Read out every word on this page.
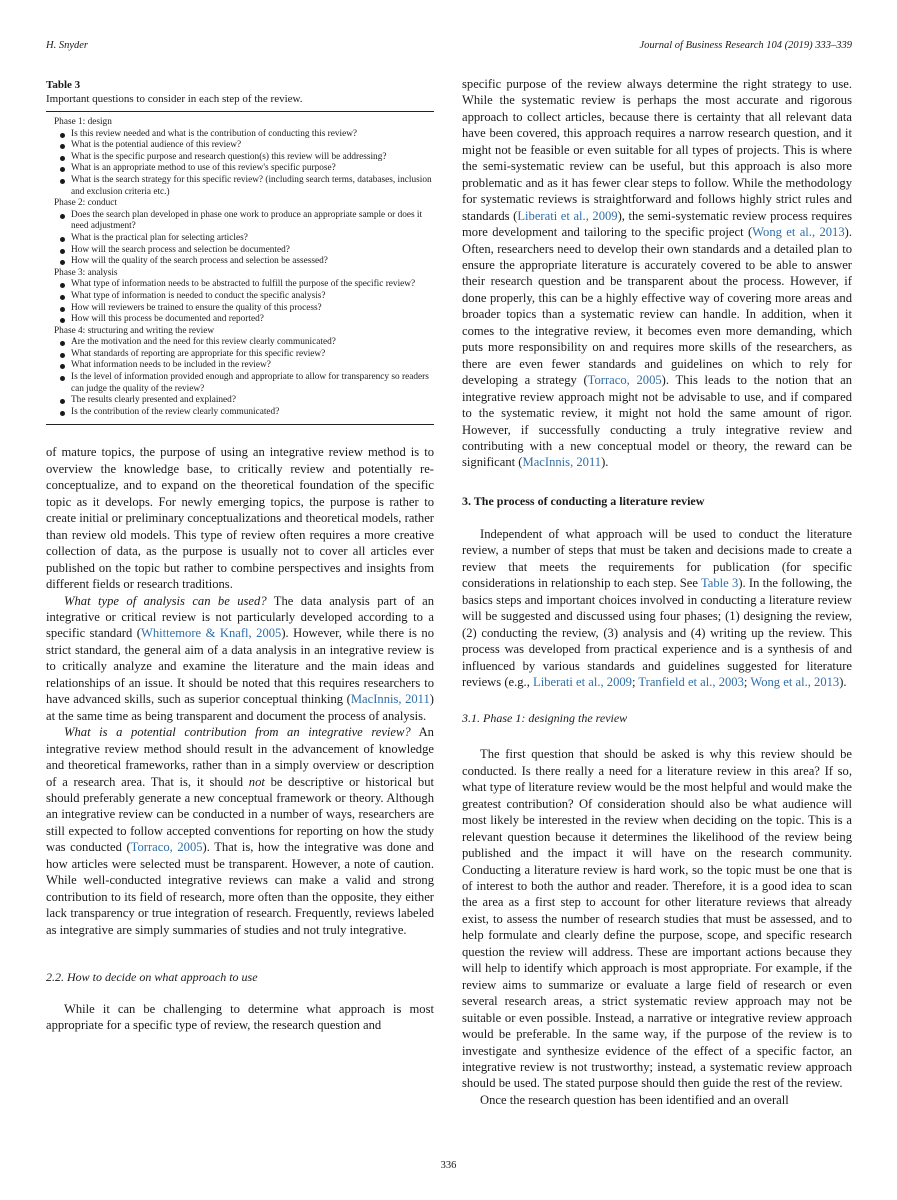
H. Snyder	Journal of Business Research 104 (2019) 333–339
Table 3
Important questions to consider in each step of the review.
Phase 1: design
Is this review needed and what is the contribution of conducting this review?
What is the potential audience of this review?
What is the specific purpose and research question(s) this review will be addressing?
What is an appropriate method to use of this review's specific purpose?
What is the search strategy for this specific review? (including search terms, databases, inclusion and exclusion criteria etc.)
Phase 2: conduct
Does the search plan developed in phase one work to produce an appropriate sample or does it need adjustment?
What is the practical plan for selecting articles?
How will the search process and selection be documented?
How will the quality of the search process and selection be assessed?
Phase 3: analysis
What type of information needs to be abstracted to fulfill the purpose of the specific review?
What type of information is needed to conduct the specific analysis?
How will reviewers be trained to ensure the quality of this process?
How will this process be documented and reported?
Phase 4: structuring and writing the review
Are the motivation and the need for this review clearly communicated?
What standards of reporting are appropriate for this specific review?
What information needs to be included in the review?
Is the level of information provided enough and appropriate to allow for transparency so readers can judge the quality of the review?
The results clearly presented and explained?
Is the contribution of the review clearly communicated?

of mature topics, the purpose of using an integrative review method is to overview the knowledge base, to critically review and potentially re-conceptualize, and to expand on the theoretical foundation of the specific topic as it develops. For newly emerging topics, the purpose is rather to create initial or preliminary conceptualizations and theoretical models, rather than review old models. This type of review often requires a more creative collection of data, as the purpose is usually not to cover all articles ever published on the topic but rather to combine perspectives and insights from different fields or research traditions.

What type of analysis can be used? The data analysis part of an integrative or critical review is not particularly developed according to a specific standard (Whittemore & Knafl, 2005). However, while there is no strict standard, the general aim of a data analysis in an integrative review is to critically analyze and examine the literature and the main ideas and relationships of an issue. It should be noted that this requires researchers to have advanced skills, such as superior conceptual thinking (MacInnis, 2011) at the same time as being transparent and document the process of analysis.

What is a potential contribution from an integrative review? An integrative review method should result in the advancement of knowledge and theoretical frameworks, rather than in a simply overview or description of a research area. That is, it should not be descriptive or historical but should preferably generate a new conceptual framework or theory. Although an integrative review can be conducted in a number of ways, researchers are still expected to follow accepted conventions for reporting on how the study was conducted (Torraco, 2005). That is, how the integrative was done and how articles were selected must be transparent. However, a note of caution. While well-conducted integrative reviews can make a valid and strong contribution to its field of research, more often than the opposite, they either lack transparency or true integration of research. Frequently, reviews labeled as integrative are simply summaries of studies and not truly integrative.

2.2. How to decide on what approach to use

While it can be challenging to determine what approach is most appropriate for a specific type of review, the research question and

specific purpose of the review always determine the right strategy to use. While the systematic review is perhaps the most accurate and rigorous approach to collect articles, because there is certainty that all relevant data have been covered, this approach requires a narrow research question, and it might not be feasible or even suitable for all types of projects. This is where the semi-systematic review can be useful, but this approach is also more problematic and as it has fewer clear steps to follow. While the methodology for systematic reviews is straightforward and follows highly strict rules and standards (Liberati et al., 2009), the semi-systematic review process requires more development and tailoring to the specific project (Wong et al., 2013). Often, researchers need to develop their own standards and a detailed plan to ensure the appropriate literature is accurately covered to be able to answer their research question and be transparent about the process. However, if done properly, this can be a highly effective way of covering more areas and broader topics than a systematic review can handle. In addition, when it comes to the integrative review, it becomes even more demanding, which puts more responsibility on and requires more skills of the researchers, as there are even fewer standards and guidelines on which to rely for developing a strategy (Torraco, 2005). This leads to the notion that an integrative review approach might not be advisable to use, and if compared to the systematic review, it might not hold the same amount of rigor. However, if successfully conducting a truly integrative review and contributing with a new conceptual model or theory, the reward can be significant (MacInnis, 2011).

3. The process of conducting a literature review

Independent of what approach will be used to conduct the literature review, a number of steps that must be taken and decisions made to create a review that meets the requirements for publication (for specific considerations in relationship to each step. See Table 3). In the following, the basics steps and important choices involved in conducting a literature review will be suggested and discussed using four phases; (1) designing the review, (2) conducting the review, (3) analysis and (4) writing up the review. This process was developed from practical experience and is a synthesis of and influenced by various standards and guidelines suggested for literature reviews (e.g., Liberati et al., 2009; Tranfield et al., 2003; Wong et al., 2013).

3.1. Phase 1: designing the review

The first question that should be asked is why this review should be conducted. Is there really a need for a literature review in this area? If so, what type of literature review would be the most helpful and would make the greatest contribution? Of consideration should also be what audience will most likely be interested in the review when deciding on the topic. This is a relevant question because it determines the likelihood of the review being published and the impact it will have on the research community. Conducting a literature review is hard work, so the topic must be one that is of interest to both the author and reader. Therefore, it is a good idea to scan the area as a first step to account for other literature reviews that already exist, to assess the number of research studies that must be assessed, and to help formulate and clearly define the purpose, scope, and specific research question the review will address. These are important actions because they will help to identify which approach is most appropriate. For example, if the review aims to summarize or evaluate a large field of research or even several research areas, a strict systematic review approach may not be suitable or even possible. Instead, a narrative or integrative review approach would be preferable. In the same way, if the purpose of the review is to investigate and synthesize evidence of the effect of a specific factor, an integrative review is not trustworthy; instead, a systematic review approach should be used. The stated purpose should then guide the rest of the review.

Once the research question has been identified and an overall

336
